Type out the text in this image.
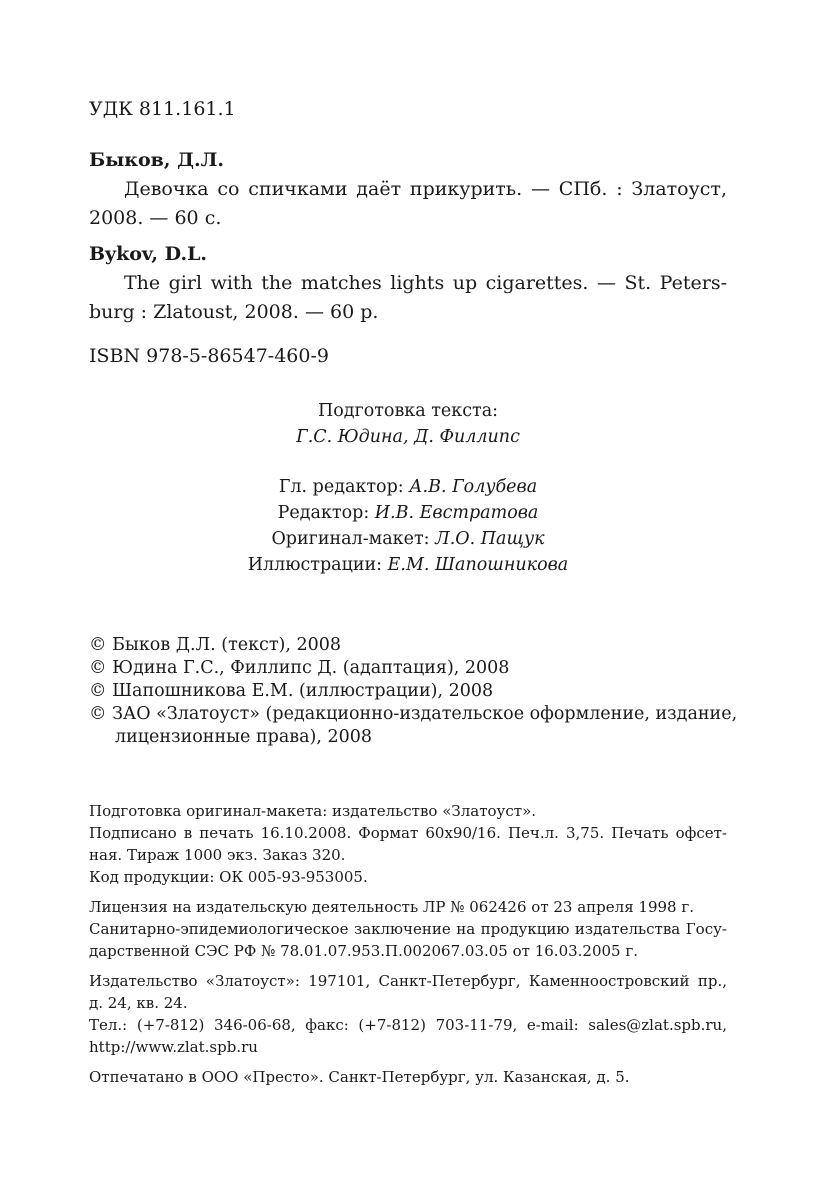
УДК 811.161.1
Быков, Д.Л.
Девочка со спичками даёт прикурить. — СПб. : Златоуст,
2008. — 60 с.
Bykov, D.L.
The girl with the matches lights up cigarettes. — St. Peters-
burg : Zlatoust, 2008. — 60 p.
ISBN 978-5-86547-460-9
Подготовка текста:
Г.С. Юдина, Д. Филлипс
Гл. редактор: А.В. Голубева
Редактор: И.В. Евстратова
Оригинал-макет: Л.О. Пащук
Иллюстрации: Е.М. Шапошникова
© Быков Д.Л. (текст), 2008
© Юдина Г.С., Филлипс Д. (адаптация), 2008
© Шапошникова Е.М. (иллюстрации), 2008
© ЗАО «Златоуст» (редакционно-издательское оформление, издание,
лицензионные права), 2008
Подготовка оригинал-макета: издательство «Златоуст».
Подписано в печать 16.10.2008. Формат 60x90/16. Печ.л. 3,75. Печать офсет-
ная. Тираж 1000 экз. Заказ 320.
Код продукции: ОК 005-93-953005.
Лицензия на издательскую деятельность ЛР № 062426 от 23 апреля 1998 г.
Санитарно-эпидемиологическое заключение на продукцию издательства Госу-
дарственной СЭС РФ № 78.01.07.953.П.002067.03.05 от 16.03.2005 г.
Издательство «Златоуст»: 197101, Санкт-Петербург, Каменноостровский пр.,
д. 24, кв. 24.
Тел.: (+7-812) 346-06-68, факс: (+7-812) 703-11-79, e-mail: sales@zlat.spb.ru,
http://www.zlat.spb.ru
Отпечатано в ООО «Престо». Санкт-Петербург, ул. Казанская, д. 5.
